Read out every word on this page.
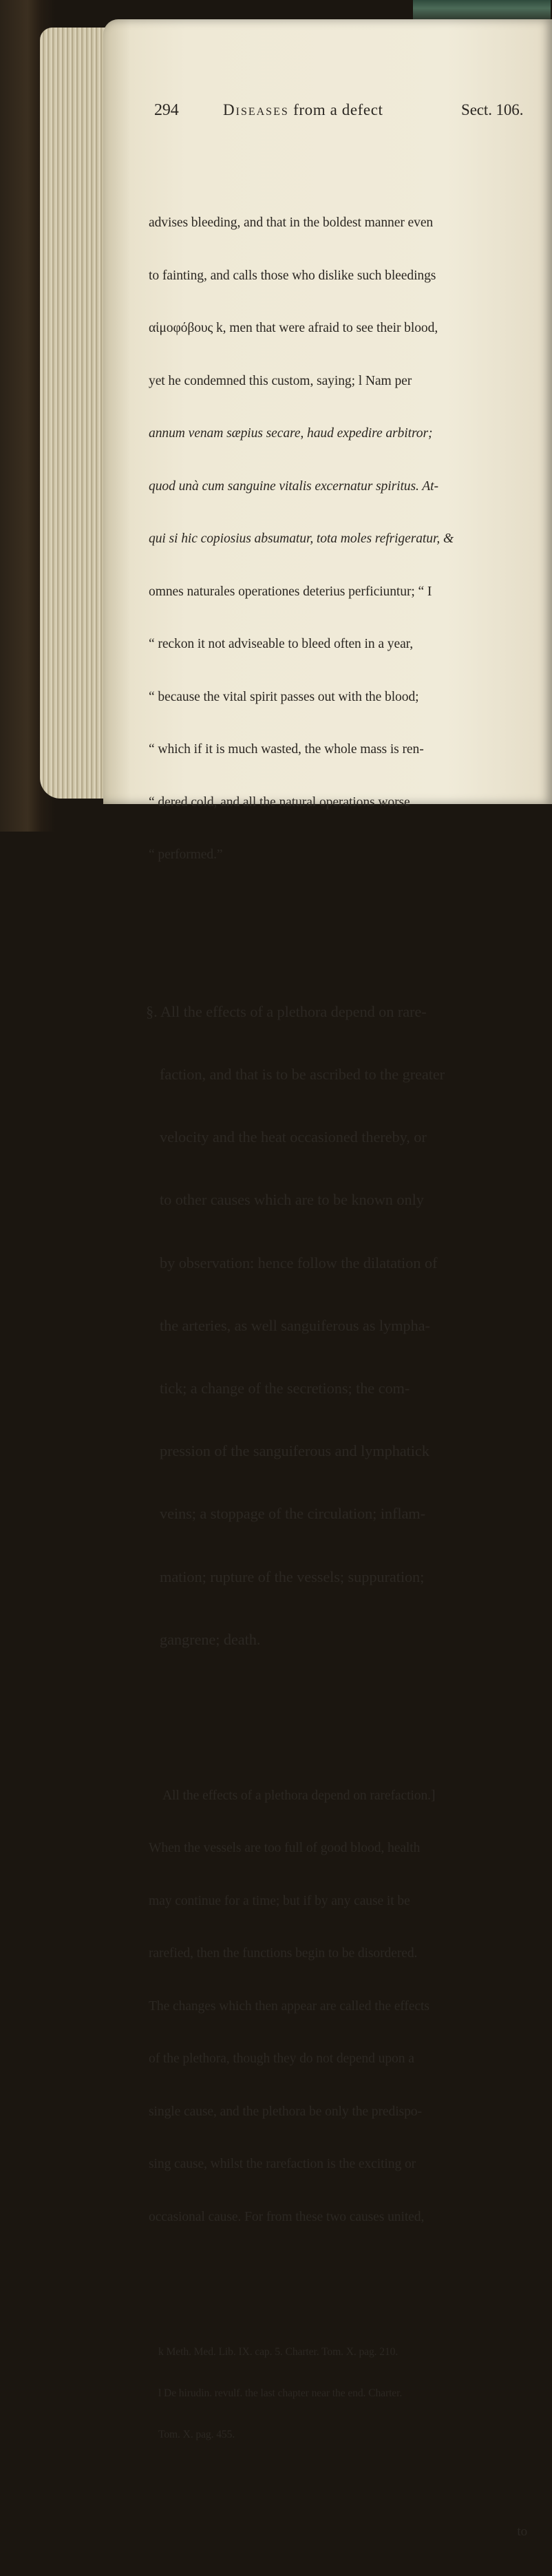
294	Diseases from a defect	Sect. 106.

advises bleeding, and that in the boldest manner even

to fainting, and calls those who dislike such bleedings

αἱμοφόβους k, men that were afraid to see their blood,

yet he condemned this custom, saying; l Nam per

annum venam sæpius secare, haud expedire arbitror;

quod unà cum sanguine vitalis excernatur spiritus. At-

qui si hic copiosius absumatur, tota moles refrigeratur, &

omnes naturales operationes deterius perficiuntur; “ I

“ reckon it not adviseable to bleed often in a year,

“ because the vital spirit passes out with the blood;

“ which if it is much wasted, the whole mass is ren-

“ dered cold, and all the natural operations worse

“ performed.”

§. All the effects of a plethora depend on rare-

faction, and that is to be ascribed to the greater

velocity and the heat occasioned thereby, or

to other causes which are to be known only

by observation: hence follow the dilatation of

the arteries, as well sanguiferous as lympha-

tick; a change of the secretions; the com-

pression of the sanguiferous and lymphatick

veins; a stoppage of the circulation; inflam-

mation; rupture of the vessels; suppuration;

gangrene; death.

All the effects of a plethora depend on rarefaction.]

When the vessels are too full of good blood, health

may continue for a time; but if by any cause it be

rarefied, then the functions begin to be disordered.

The changes which then appear are called the effects

of the plethora, though they do not depend upon a

single cause, and the plethora be only the predispo-

sing cause, whilst the rarefaction is the exciting or

occasional cause. For from these two causes united,

k Meth. Med. Lib. IX. cap. 5. Charter. Tom. X. pag. 210.

l De hirudin. revulf. the last chapter near the end. Charter.

Tom. X. pag. 455.

to
